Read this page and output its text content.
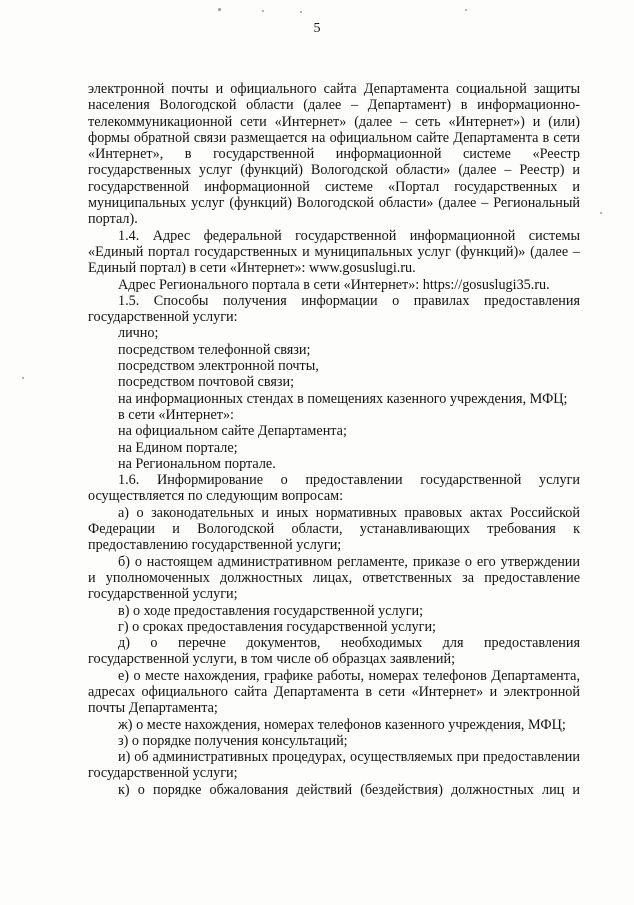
5

электронной почты и официального сайта Департамента социальной защиты населения Вологодской области (далее – Департамент) в информационно-телекоммуникационной сети «Интернет» (далее – сеть «Интернет») и (или) формы обратной связи размещается на официальном сайте Департамента в сети «Интернет», в государственной информационной системе «Реестр государственных услуг (функций) Вологодской области» (далее – Реестр) и государственной информационной системе «Портал государственных и муниципальных услуг (функций) Вологодской области» (далее – Региональный портал).

1.4. Адрес федеральной государственной информационной системы «Единый портал государственных и муниципальных услуг (функций)» (далее – Единый портал) в сети «Интернет»: www.gosuslugi.ru.

Адрес Регионального портала в сети «Интернет»: https://gosuslugi35.ru.

1.5. Способы получения информации о правилах предоставления государственной услуги:

лично;

посредством телефонной связи;

посредством электронной почты,

посредством почтовой связи;

на информационных стендах в помещениях казенного учреждения, МФЦ;

в сети «Интернет»:

на официальном сайте Департамента;

на Едином портале;

на Региональном портале.

1.6. Информирование о предоставлении государственной услуги осуществляется по следующим вопросам:

а) о законодательных и иных нормативных правовых актах Российской Федерации и Вологодской области, устанавливающих требования к предоставлению государственной услуги;

б) о настоящем административном регламенте, приказе о его утверждении и уполномоченных должностных лицах, ответственных за предоставление государственной услуги;

в) о ходе предоставления государственной услуги;

г) о сроках предоставления государственной услуги;

д) о перечне документов, необходимых для предоставления государственной услуги, в том числе об образцах заявлений;

е) о месте нахождения, графике работы, номерах телефонов Департамента, адресах официального сайта Департамента в сети «Интернет» и электронной почты Департамента;

ж) о месте нахождения, номерах телефонов казенного учреждения, МФЦ;

з) о порядке получения консультаций;

и) об административных процедурах, осуществляемых при предоставлении государственной услуги;

к) о порядке обжалования действий (бездействия) должностных лиц и
